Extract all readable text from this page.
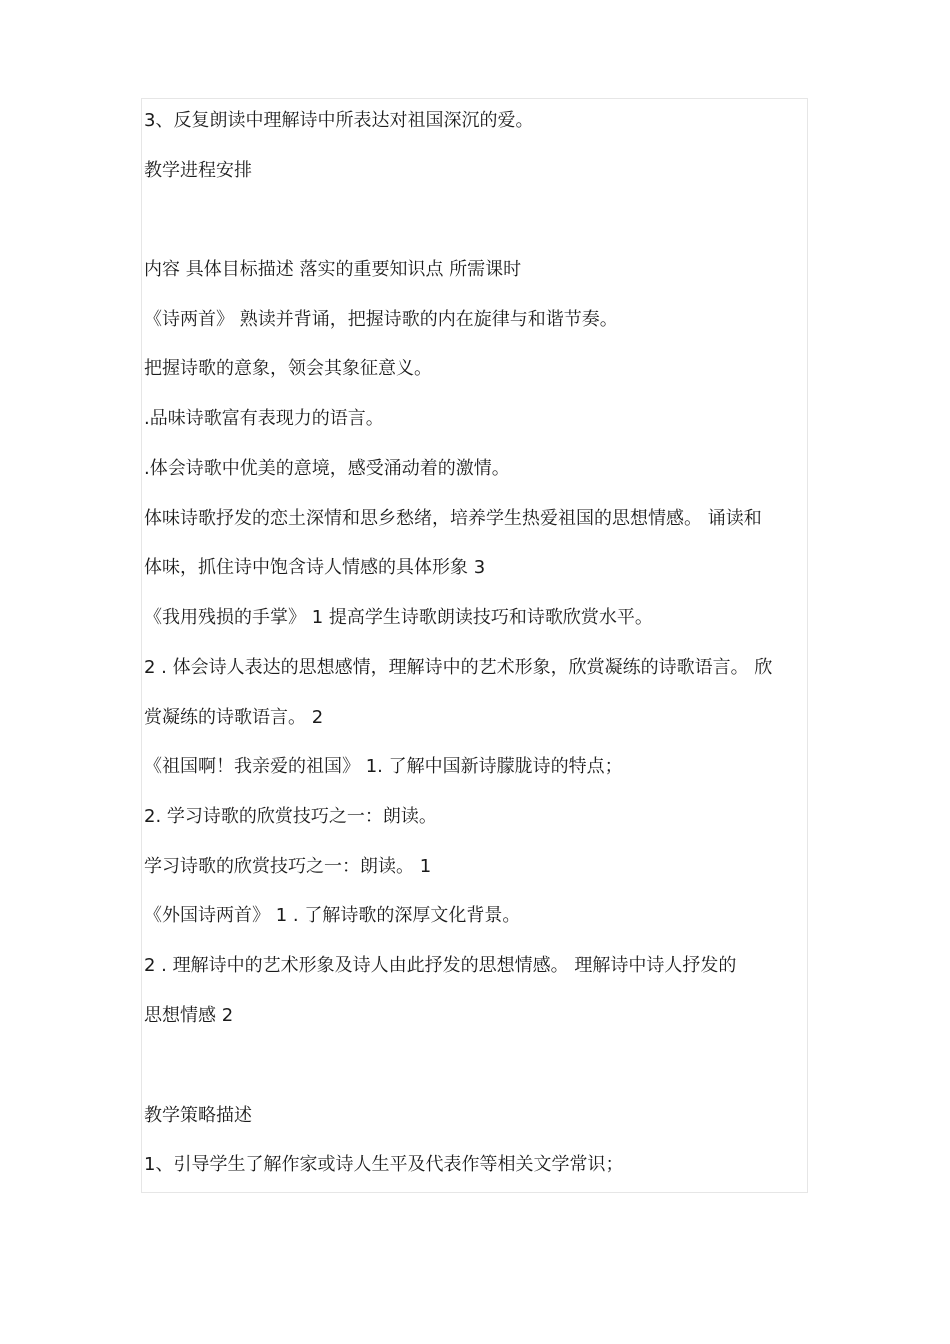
3、反复朗读中理解诗中所表达对祖国深沉的爱。
教学进程安排
内容 具体目标描述 落实的重要知识点 所需课时
《诗两首》 熟读并背诵，把握诗歌的内在旋律与和谐节奏。
把握诗歌的意象，领会其象征意义。
.品味诗歌富有表现力的语言。
.体会诗歌中优美的意境，感受涌动着的激情。
体味诗歌抒发的恋土深情和思乡愁绪，培养学生热爱祖国的思想情感。 诵读和
体味，抓住诗中饱含诗人情感的具体形象 3
《我用残损的手掌》 1 提高学生诗歌朗读技巧和诗歌欣赏水平。
2 . 体会诗人表达的思想感情，理解诗中的艺术形象，欣赏凝练的诗歌语言。 欣
赏凝练的诗歌语言。 2
《祖国啊！我亲爱的祖国》 1. 了解中国新诗朦胧诗的特点；
2. 学习诗歌的欣赏技巧之一：朗读。
学习诗歌的欣赏技巧之一：朗读。 1
《外国诗两首》 1 . 了解诗歌的深厚文化背景。
2 . 理解诗中的艺术形象及诗人由此抒发的思想情感。 理解诗中诗人抒发的
思想情感 2
教学策略描述
1、引导学生了解作家或诗人生平及代表作等相关文学常识；
